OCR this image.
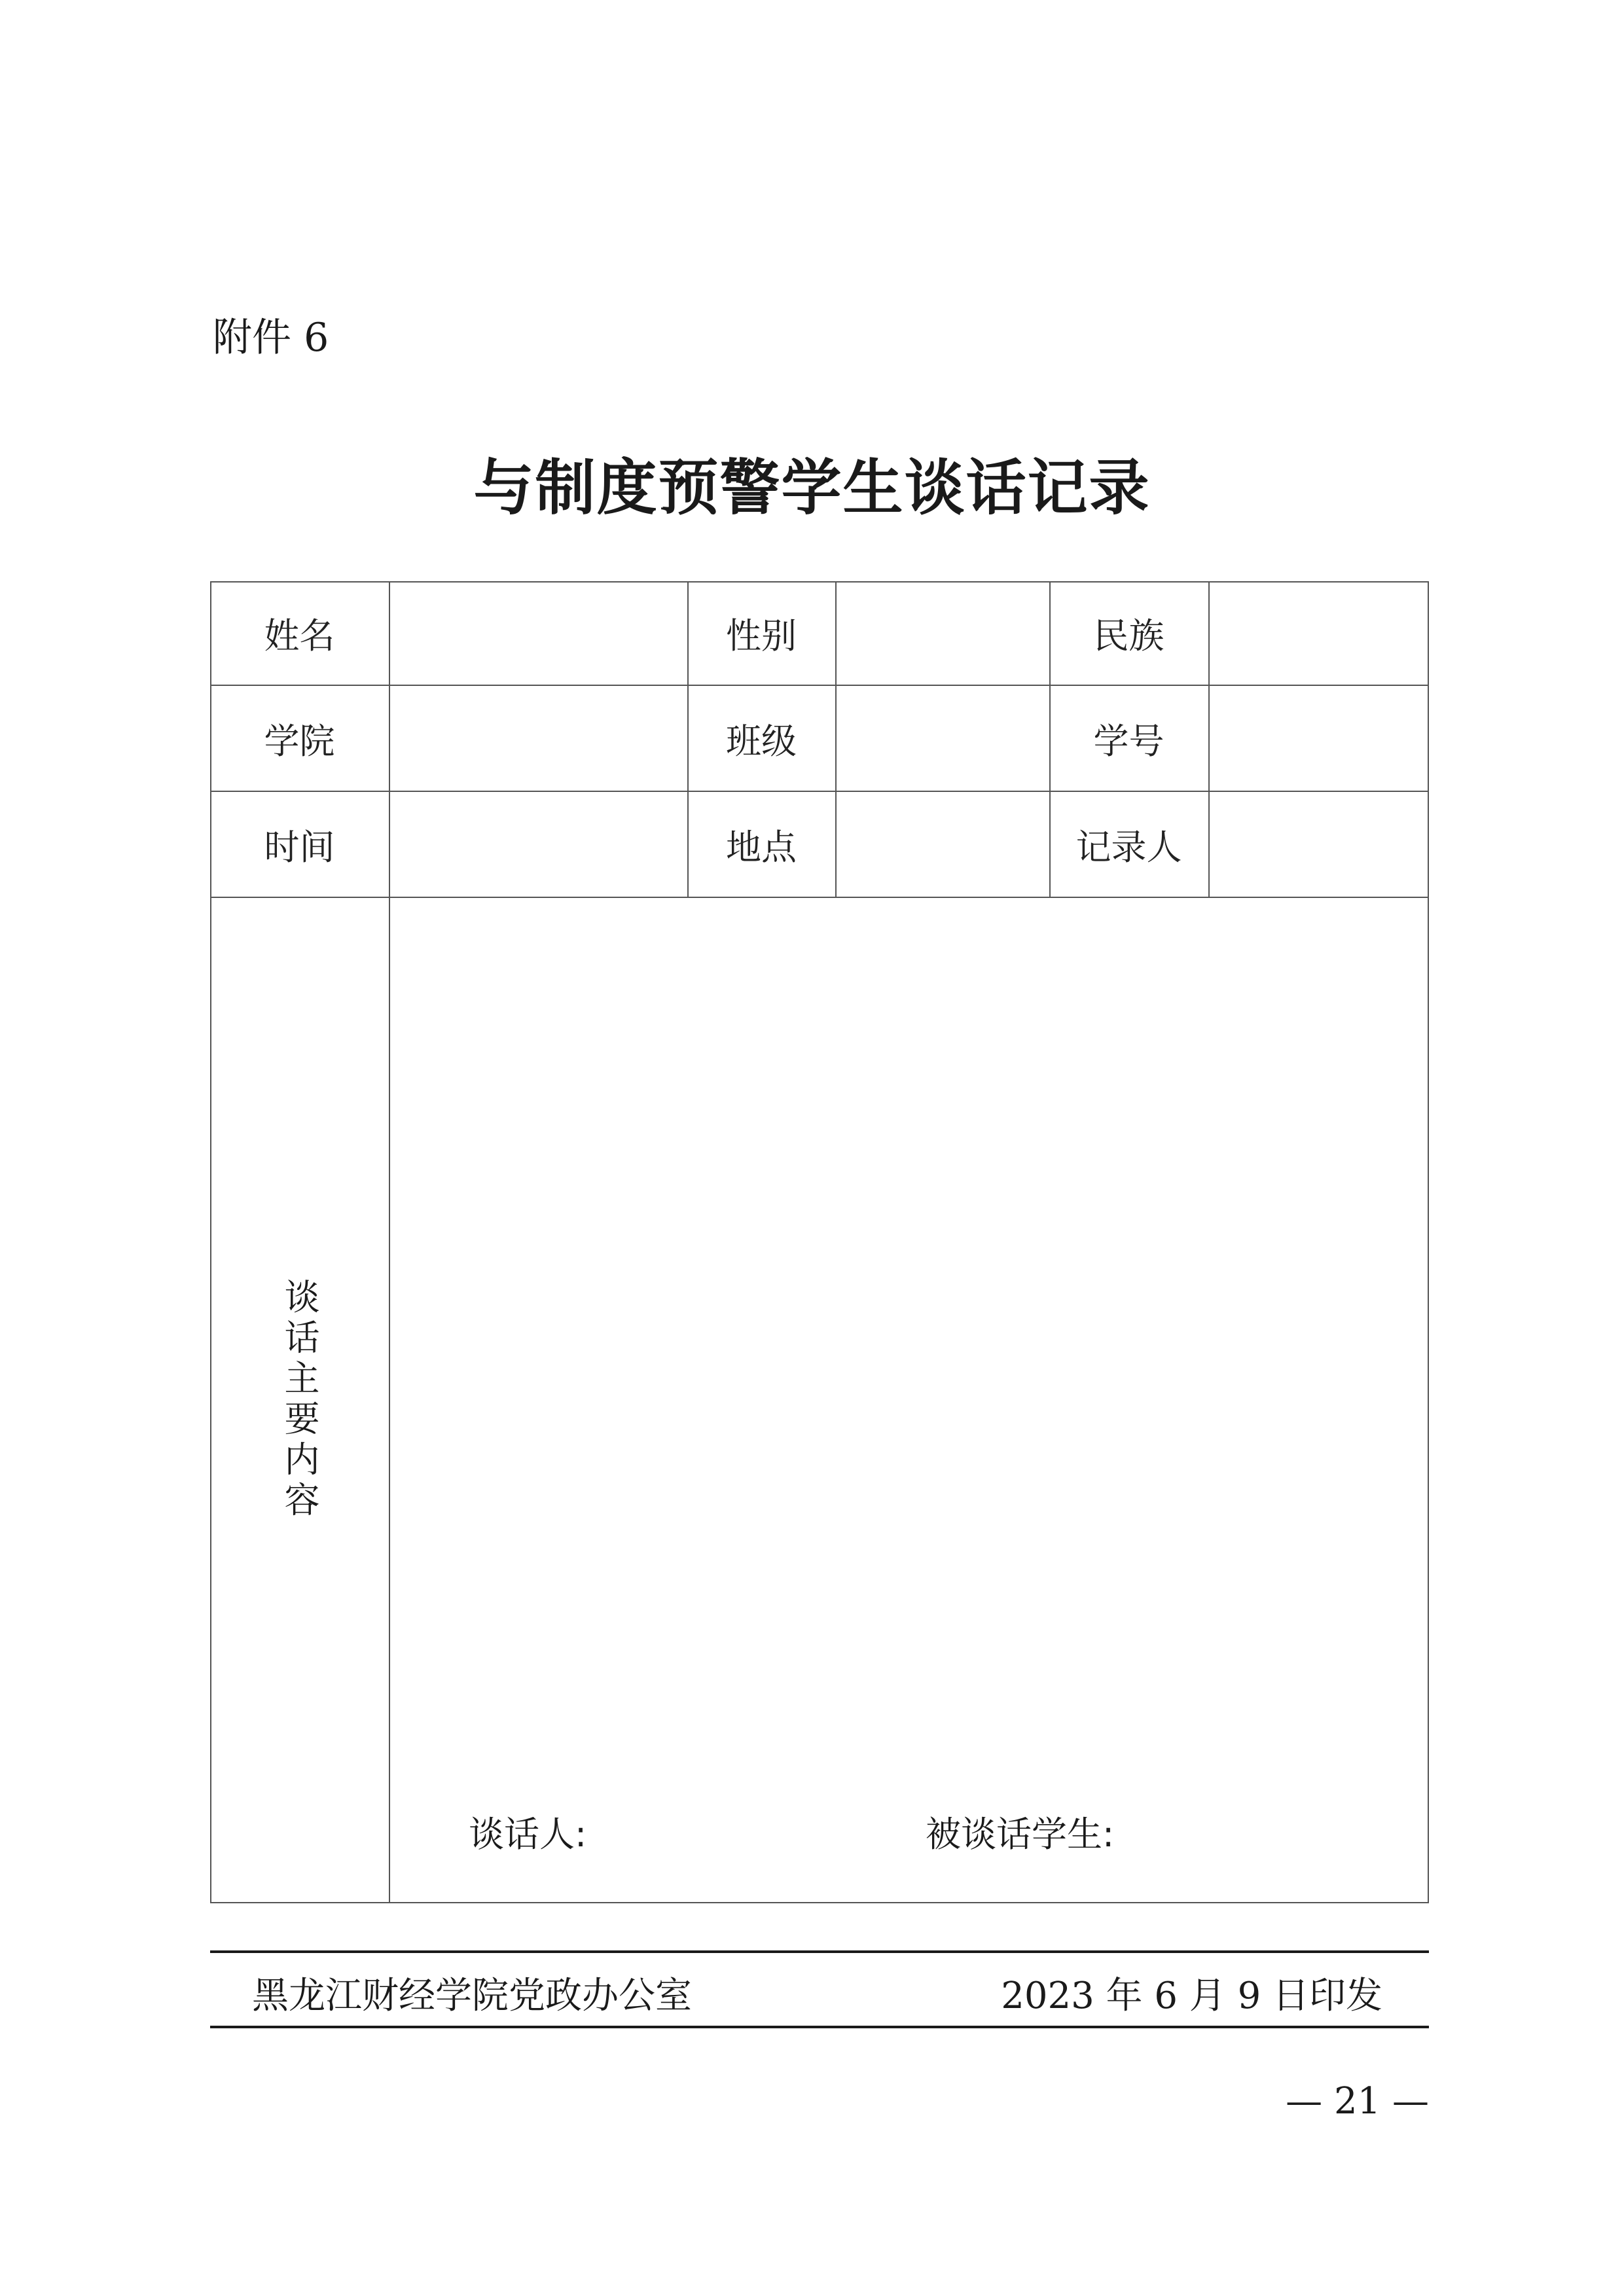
附件 6
与制度预警学生谈话记录
姓名	性别	民族
学院	班级	学号
时间	地点	记录人
谈话主要内容
谈话人:	被谈话学生:
黑龙江财经学院党政办公室	2023 年 6 月 9 日印发
— 21 —
